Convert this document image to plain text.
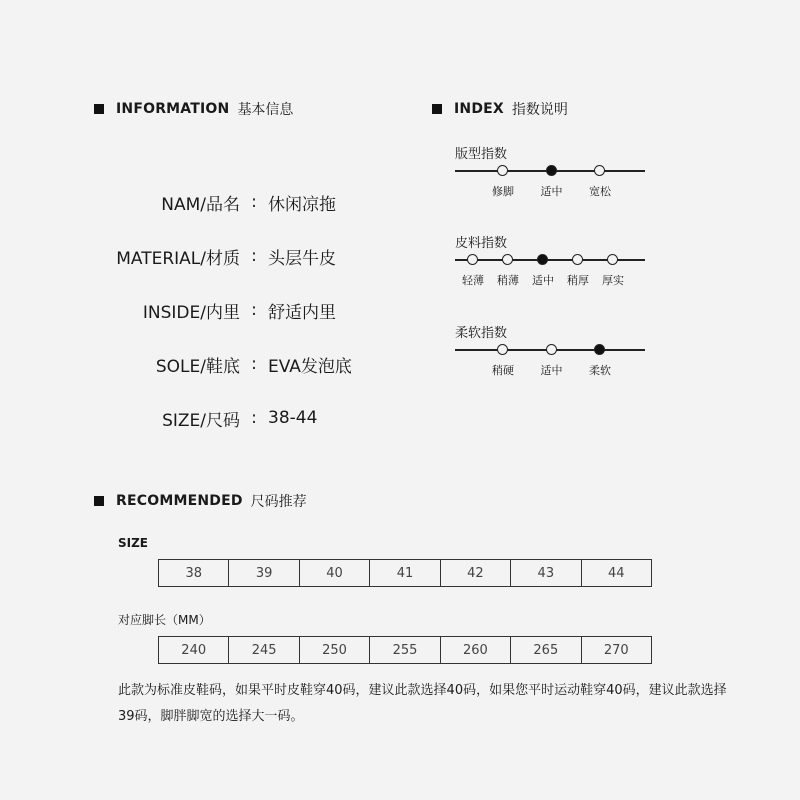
INFORMATION 基本信息
NAM/品名 : 休闲凉拖
MATERIAL/材质 : 头层牛皮
INSIDE/内里 : 舒适内里
SOLE/鞋底 : EVA发泡底
SIZE/尺码 : 38-44
INDEX 指数说明
版型指数
修脚 适中 宽松
皮料指数
轻薄 稍薄 适中 稍厚 厚实
柔软指数
稍硬 适中 柔软
RECOMMENDED 尺码推荐
SIZE
38	39	40	41	42	43	44
对应脚长（MM）
240	245	250	255	260	265	270
此款为标准皮鞋码，如果平时皮鞋穿40码，建议此款选择40码，如果您平时运动鞋穿40码，建议此款选择39码，脚胖脚宽的选择大一码。
